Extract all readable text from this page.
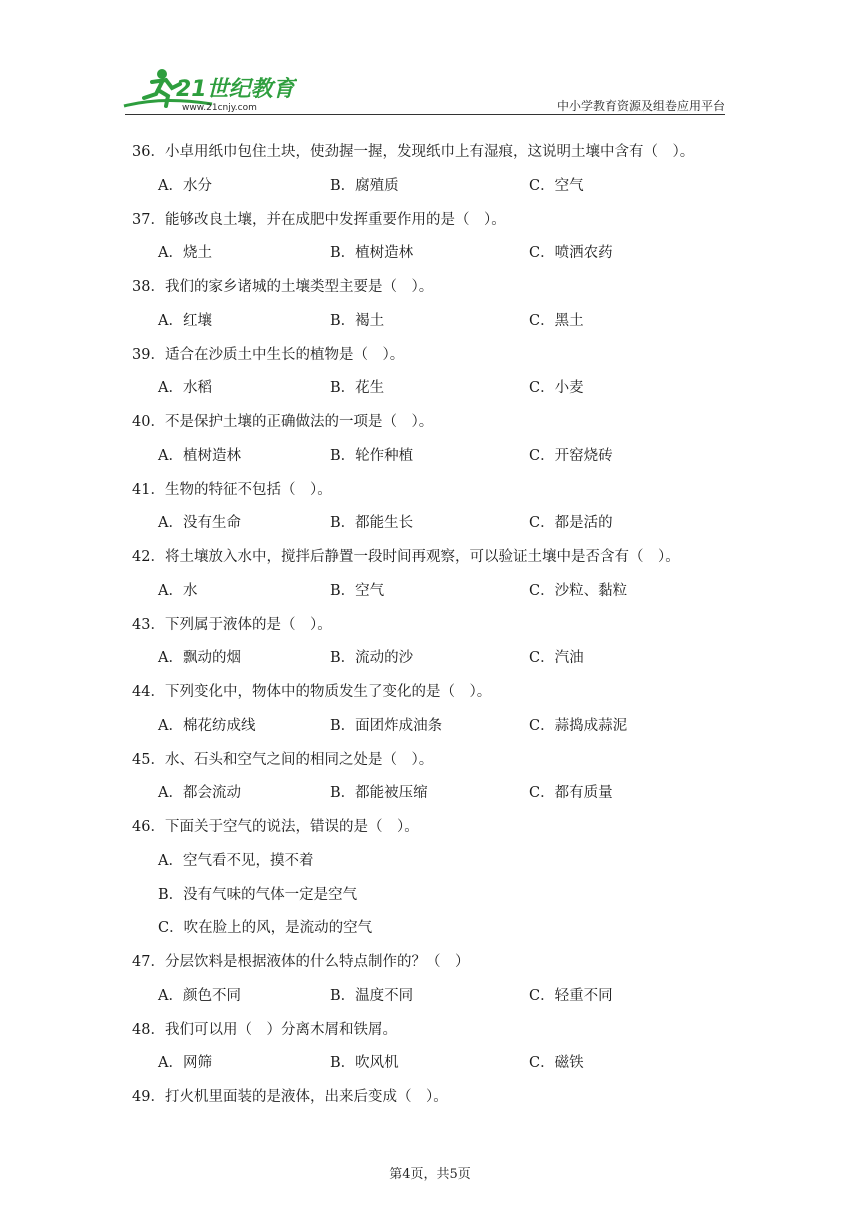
21世纪教育
www.21cnjy.com	中小学教育资源及组卷应用平台
36．小卓用纸巾包住土块，使劲握一握，发现纸巾上有湿痕，这说明土壤中含有（　）。
A．水分	B．腐殖质	C．空气
37．能够改良土壤，并在成肥中发挥重要作用的是（　）。
A．烧土	B．植树造林	C．喷洒农药
38．我们的家乡诸城的土壤类型主要是（　）。
A．红壤	B．褐土	C．黑土
39．适合在沙质土中生长的植物是（　）。
A．水稻	B．花生	C．小麦
40．不是保护土壤的正确做法的一项是（　）。
A．植树造林	B．轮作种植	C．开窑烧砖
41．生物的特征不包括（　）。
A．没有生命	B．都能生长	C．都是活的
42．将土壤放入水中，搅拌后静置一段时间再观察，可以验证土壤中是否含有（　）。
A．水	B．空气	C．沙粒、黏粒
43．下列属于液体的是（　）。
A．飘动的烟	B．流动的沙	C．汽油
44．下列变化中，物体中的物质发生了变化的是（　）。
A．棉花纺成线	B．面团炸成油条	C．蒜捣成蒜泥
45．水、石头和空气之间的相同之处是（　）。
A．都会流动	B．都能被压缩	C．都有质量
46．下面关于空气的说法，错误的是（　）。
A．空气看不见，摸不着
B．没有气味的气体一定是空气
C．吹在脸上的风，是流动的空气
47．分层饮料是根据液体的什么特点制作的？（　）
A．颜色不同	B．温度不同	C．轻重不同
48．我们可以用（　）分离木屑和铁屑。
A．网筛	B．吹风机	C．磁铁
49．打火机里面装的是液体，出来后变成（　）。
第4页，共5页
